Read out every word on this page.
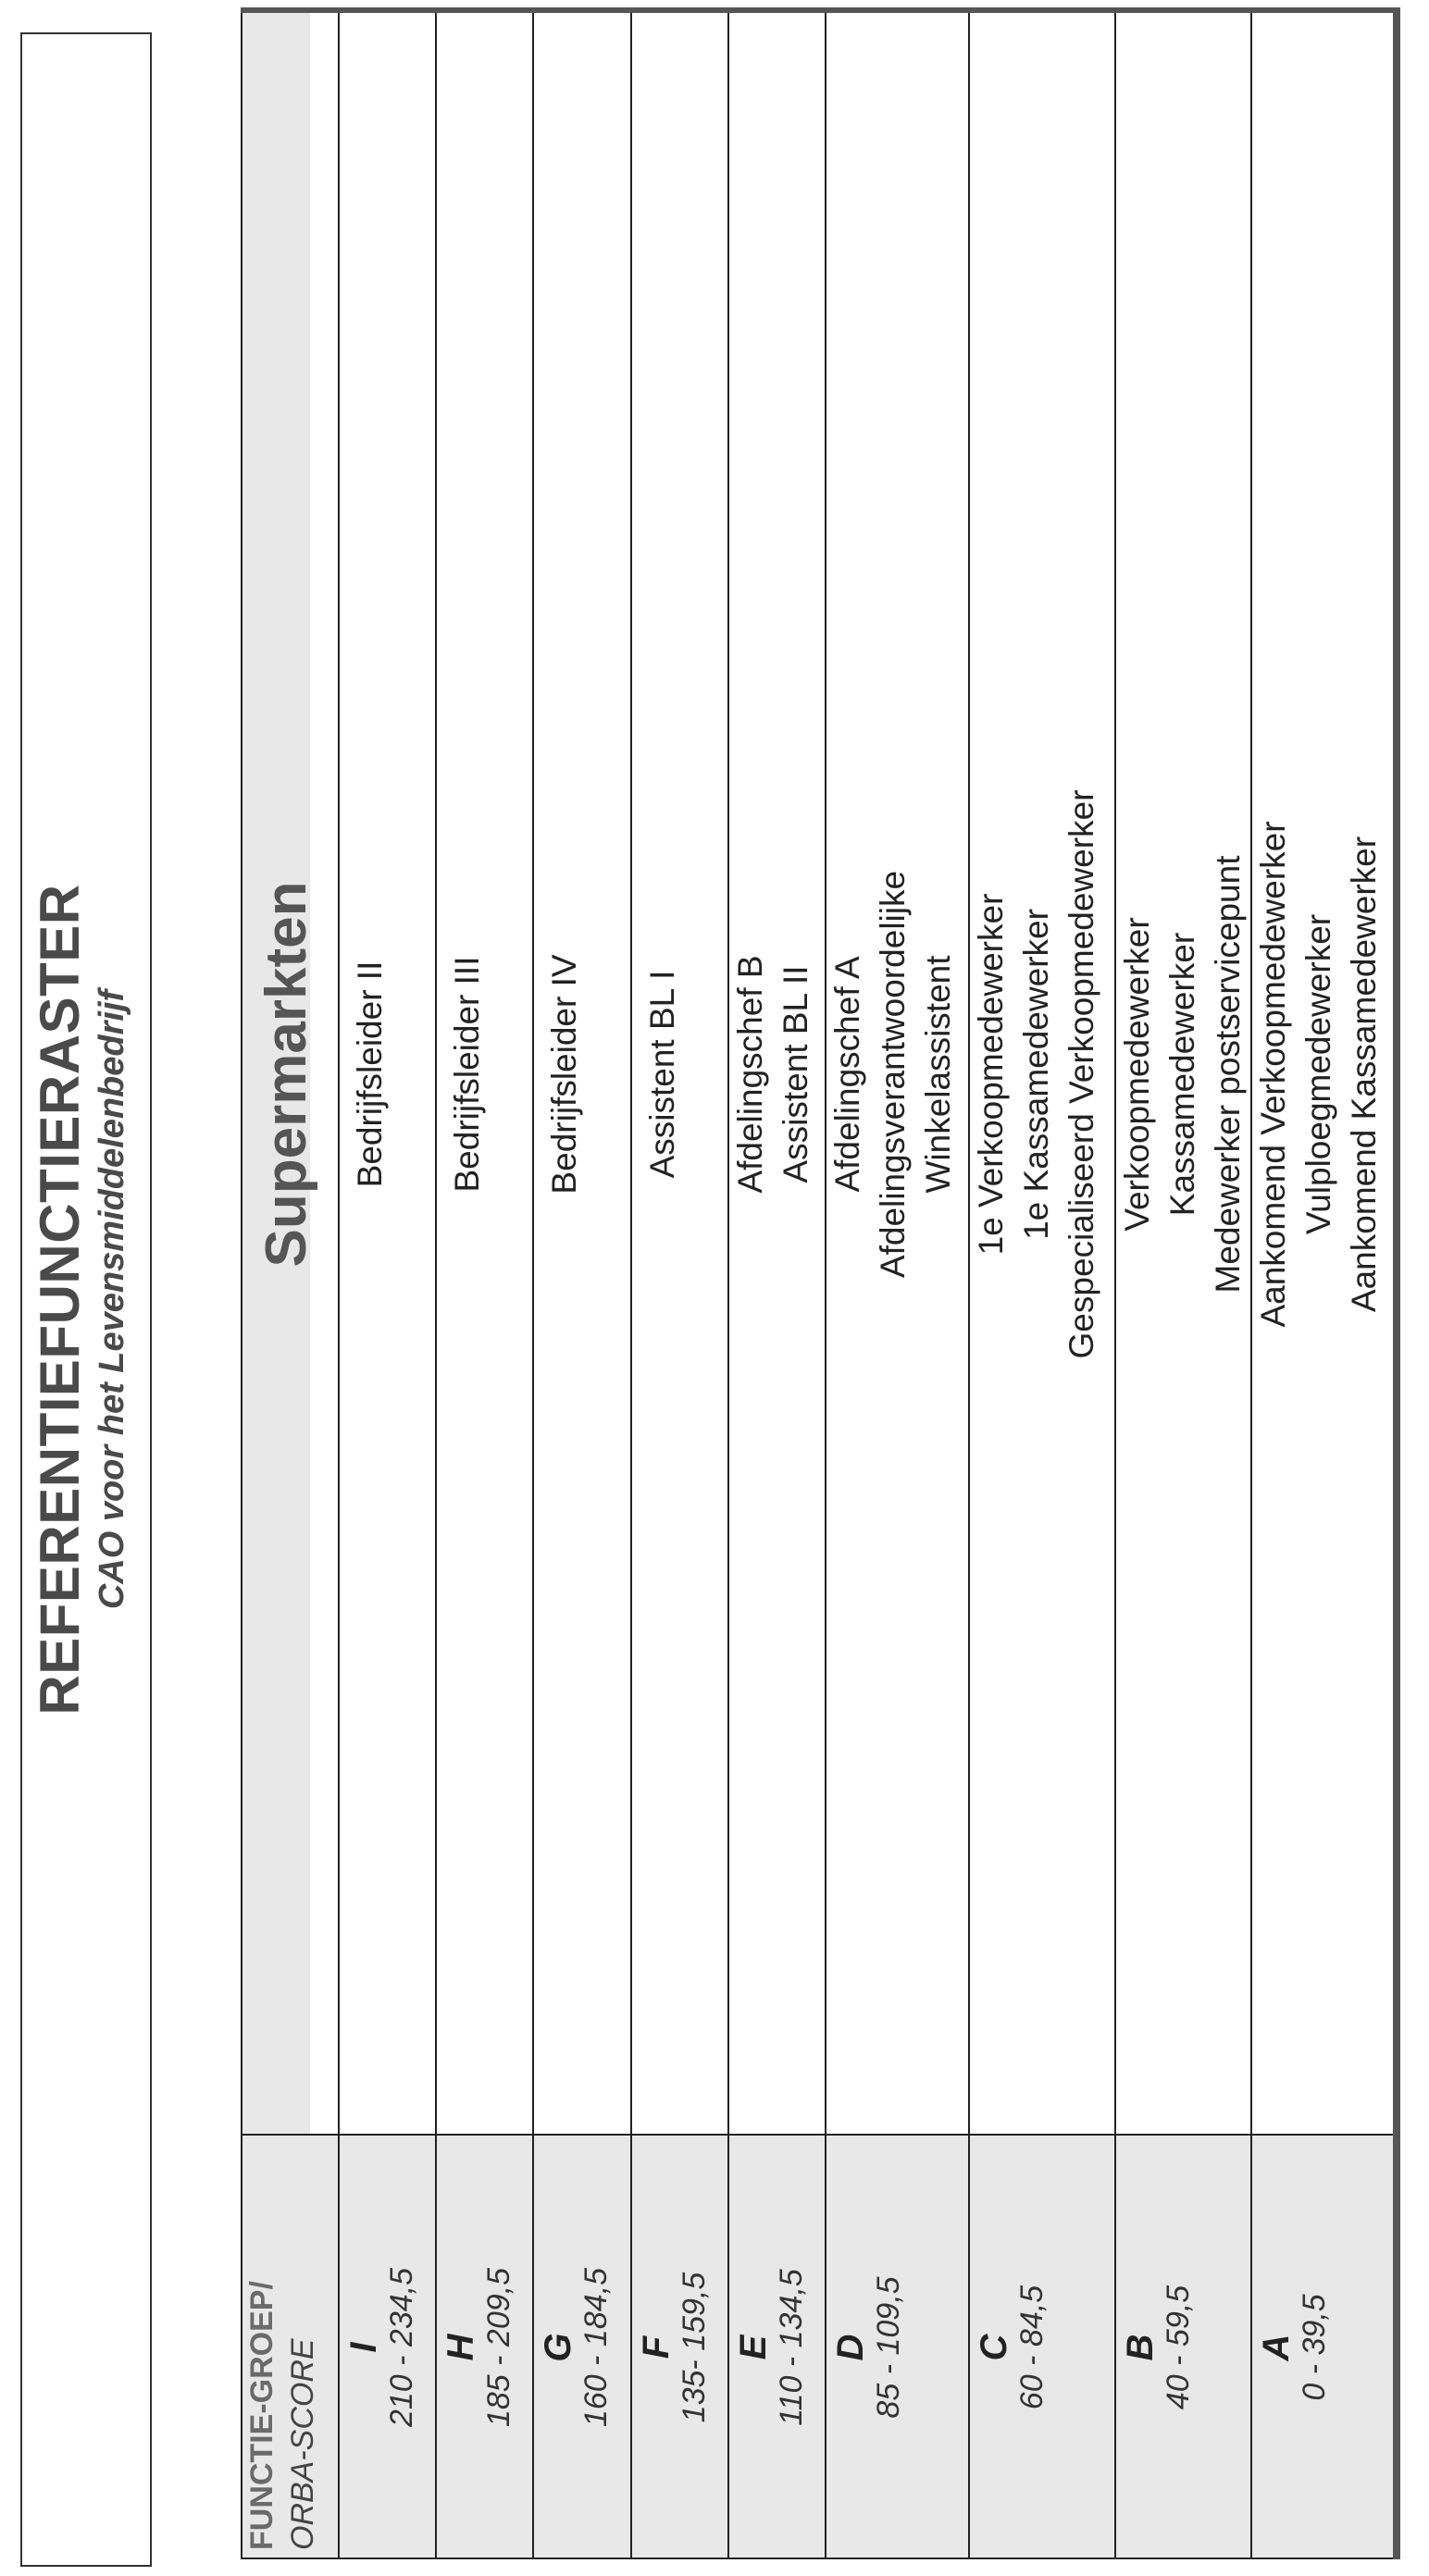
REFERENTIEFUNCTIERASTER CAO voor het Levensmiddelenbedrijf
FUNCTIE-GROEP/ ORBA-SCORE
Supermarkten
I 210 - 234,5
Bedrijfsleider II
H 185 - 209,5
Bedrijfsleider III
G 160 - 184,5
Bedrijfsleider IV
F 135- 159,5
Assistent BL I
E 110 - 134,5
Afdelingschef B Assistent BL II
D 85 - 109,5
Afdelingschef A Afdelingsverantwoordelijke Winkelassistent
C 60 - 84,5
1e Verkoopmedewerker 1e Kassamedewerker Gespecialiseerd Verkoopmedewerker
B 40 - 59,5
Verkoopmedewerker Kassamedewerker Medewerker postservicepunt
A 0 - 39,5
Aankomend Verkoopmedewerker Vulploegmedewerker Aankomend Kassamedewerker
